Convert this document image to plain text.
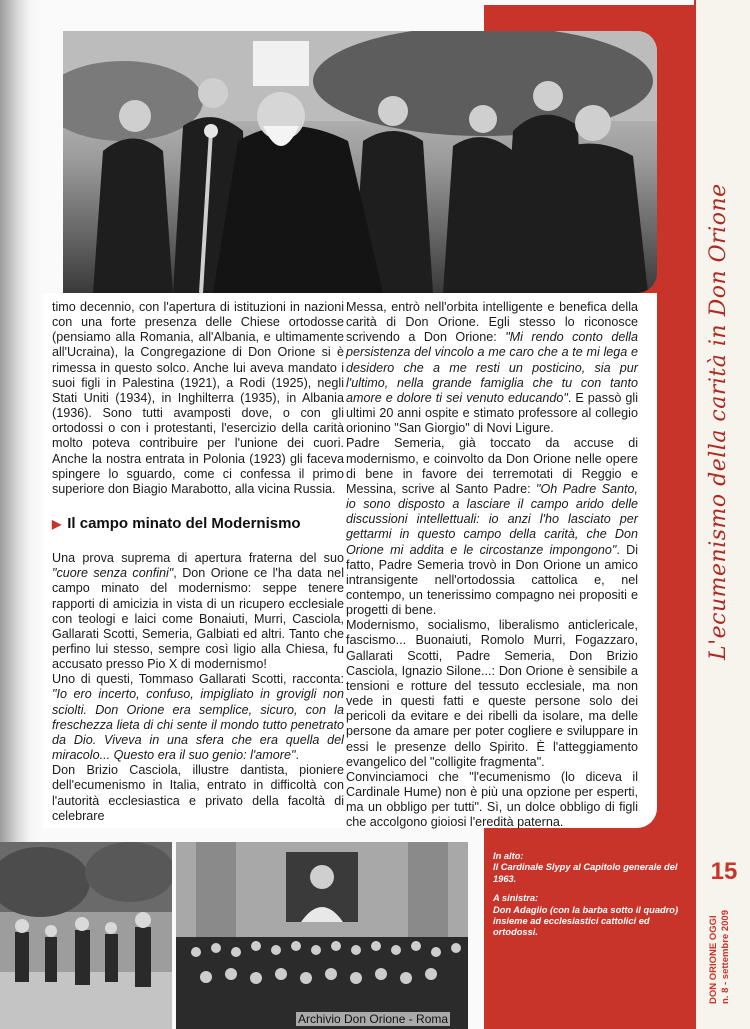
timo decennio, con l'apertura di istituzioni in nazioni con una forte presenza delle Chiese ortodosse (pensiamo alla Romania, all'Albania, e ultimamente all'Ucraina), la Congregazione di Don Orione si è rimessa in questo solco. Anche lui aveva mandato i suoi figli in Palestina (1921), a Rodi (1925), negli Stati Uniti (1934), in Inghilterra (1935), in Albania (1936). Sono tutti avamposti dove, o con gli ortodossi o con i protestanti, l'esercizio della carità molto poteva contribuire per l'unione dei cuori. Anche la nostra entrata in Polonia (1923) gli faceva spingere lo sguardo, come ci confessa il primo superiore don Biagio Marabotto, alla vicina Russia.

▶ Il campo minato del Modernismo

Una prova suprema di apertura fraterna del suo "cuore senza confini", Don Orione ce l'ha data nel campo minato del modernismo: seppe tenere rapporti di amicizia in vista di un ricupero ecclesiale con teologi e laici come Bonaiuti, Murri, Casciola, Gallarati Scotti, Semeria, Galbiati ed altri. Tanto che perfino lui stesso, sempre così ligio alla Chiesa, fu accusato presso Pio X di modernismo!

Uno di questi, Tommaso Gallarati Scotti, racconta: "Io ero incerto, confuso, impigliato in grovigli non sciolti. Don Orione era semplice, sicuro, con la freschezza lieta di chi sente il mondo tutto penetrato da Dio. Viveva in una sfera che era quella del miracolo... Questo era il suo genio: l'amore".

Don Brizio Casciola, illustre dantista, pioniere dell'ecumenismo in Italia, entrato in difficoltà con l'autorità ecclesiastica e privato della facoltà di celebrare

Messa, entrò nell'orbita intelligente e benefica della carità di Don Orione. Egli stesso lo riconosce scrivendo a Don Orione: "Mi rendo conto della persistenza del vincolo a me caro che a te mi lega e desidero che a me resti un posticino, sia pur l'ultimo, nella grande famiglia che tu con tanto amore e dolore ti sei venuto educando". E passò gli ultimi 20 anni ospite e stimato professore al collegio orionino "San Giorgio" di Novi Ligure.

Padre Semeria, già toccato da accuse di modernismo, e coinvolto da Don Orione nelle opere di bene in favore dei terremotati di Reggio e Messina, scrive al Santo Padre: "Oh Padre Santo, io sono disposto a lasciare il campo arido delle discussioni intellettuali: io anzi l'ho lasciato per gettarmi in questo campo della carità, che Don Orione mi addita e le circostanze impongono". Di fatto, Padre Semeria trovò in Don Orione un amico intransigente nell'ortodossia cattolica e, nel contempo, un tenerissimo compagno nei propositi e progetti di bene.

Modernismo, socialismo, liberalismo anticlericale, fascismo... Buonaiuti, Romolo Murri, Fogazzaro, Gallarati Scotti, Padre Semeria, Don Brizio Casciola, Ignazio Silone...: Don Orione è sensibile a tensioni e rotture del tessuto ecclesiale, ma non vede in questi fatti e queste persone solo dei pericoli da evitare e dei ribelli da isolare, ma delle persone da amare per poter cogliere e sviluppare in essi le presenze dello Spirito. È l'atteggiamento evangelico del "colligite fragmenta".

Convinciamoci che "l'ecumenismo (lo diceva il Cardinale Hume) non è più una opzione per esperti, ma un obbligo per tutti". Sì, un dolce obbligo di figli che accolgono gioiosi l'eredità paterna.

L'ecumenismo della carità in Don Orione
15
DON ORIONE OGGI n. 8 - settembre 2009

In alto:
Il Cardinale Slypy al Capitolo generale del 1963.

A sinistra:
Don Adaglio (con la barba sotto il quadro) insieme ad ecclesiastici cattolici ed ortodossi.

Archivio Don Orione - Roma
